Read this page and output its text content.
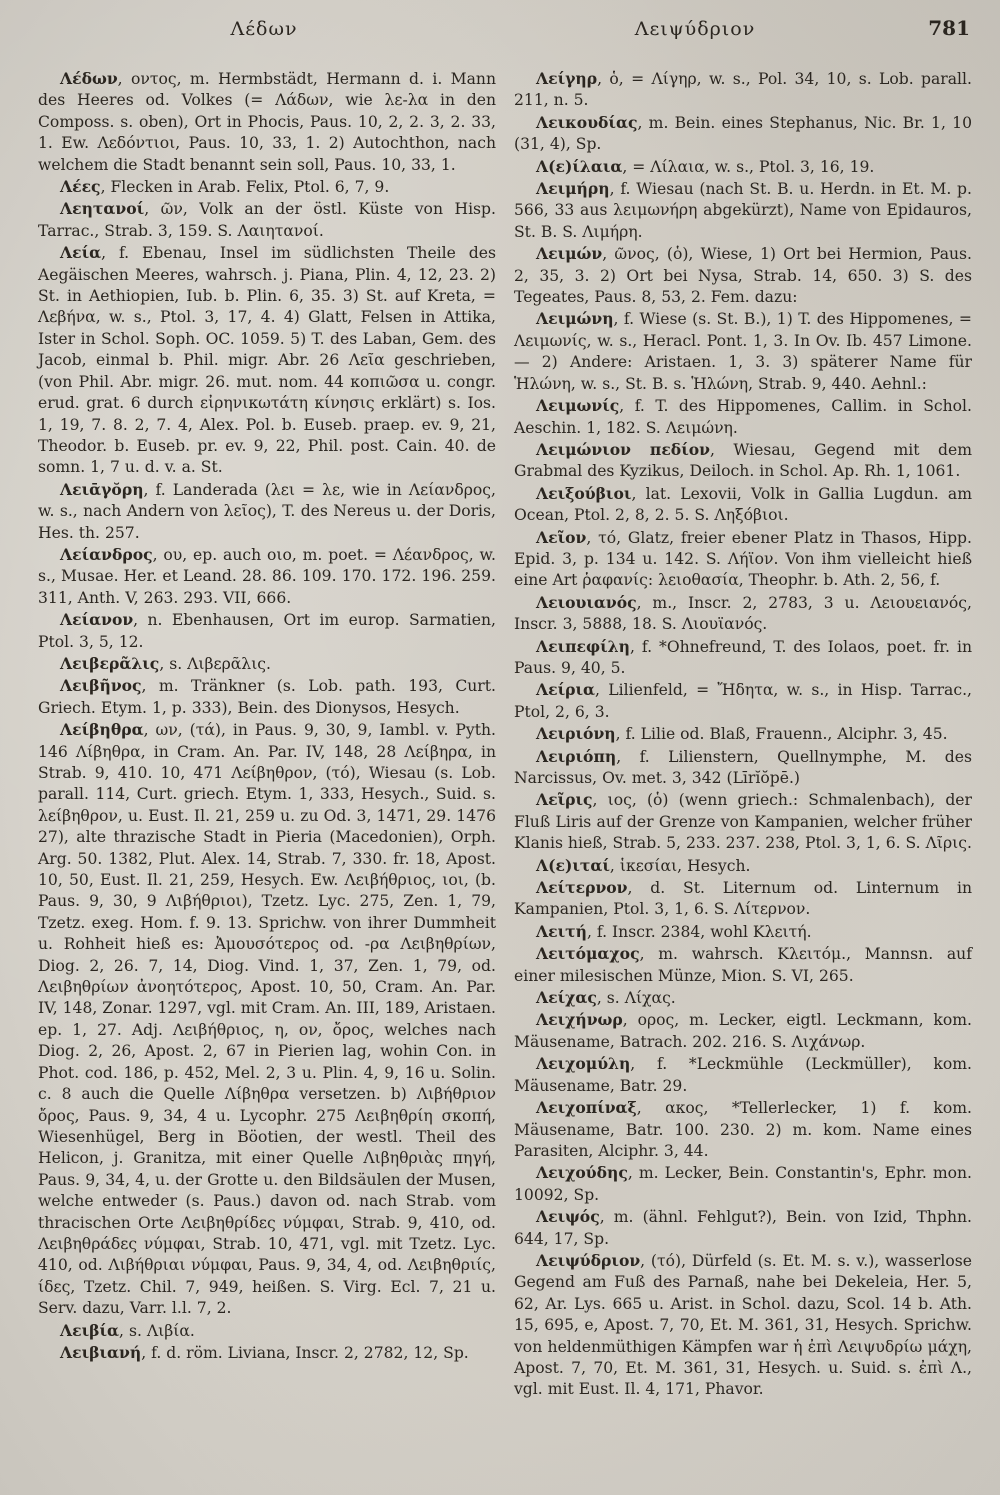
Λέδων	Λειψύδριον	781

Λέδων, οντος, m. Hermbstädt, Hermann d. i. Mann des Heeres od. Volkes (= Λάδων, wie λε-λα in den Composs. s. oben), Ort in Phocis, Paus. 10, 2, 2. 3, 2. 33, 1. Ew. Λεδόντιοι, Paus. 10, 33, 1. 2) Autochthon, nach welchem die Stadt benannt sein soll, Paus. 10, 33, 1.

Λέες, Flecken in Arab. Felix, Ptol. 6, 7, 9.

Λεητανοί, ῶν, Volk an der östl. Küste von Hisp. Tarrac., Strab. 3, 159. S. Λαιητανοί.

Λεία, f. Ebenau, Insel im südlichsten Theile des Aegäischen Meeres, wahrsch. j. Piana, Plin. 4, 12, 23. 2) St. in Aethiopien, Iub. b. Plin. 6, 35. 3) St. auf Kreta, = Λεβήνα, w. s., Ptol. 3, 17, 4. 4) Glatt, Felsen in Attika, Ister in Schol. Soph. OC. 1059. 5) T. des Laban, Gem. des Jacob, einmal b. Phil. migr. Abr. 26 Λεῖα geschrieben, (von Phil. Abr. migr. 26. mut. nom. 44 κοπιῶσα u. congr. erud. grat. 6 durch εἰρηνικωτάτη κίνησις erklärt) s. Ios. 1, 19, 7. 8. 2, 7. 4, Alex. Pol. b. Euseb. praep. ev. 9, 21, Theodor. b. Euseb. pr. ev. 9, 22, Phil. post. Cain. 40. de somn. 1, 7 u. d. v. a. St.

Λειᾱγŏρη, f. Landerada (λει = λε, wie in Λείανδρος, w. s., nach Andern von λεῖος), T. des Nereus u. der Doris, Hes. th. 257.

Λείανδρος, ου, ep. auch οιο, m. poet. = Λέανδρος, w. s., Musae. Her. et Leand. 28. 86. 109. 170. 172. 196. 259. 311, Anth. V, 263. 293. VII, 666.

Λείανον, n. Ebenhausen, Ort im europ. Sarmatien, Ptol. 3, 5, 12.

Λειβερᾶλις, s. Λιβερᾶλις.

Λειβῆνος, m. Tränkner (s. Lob. path. 193, Curt. Griech. Etym. 1, p. 333), Bein. des Dionysos, Hesych.

Λείβηθρα, ων, (τά), in Paus. 9, 30, 9, Iambl. v. Pyth. 146 Λίβηθρα, in Cram. An. Par. IV, 148, 28 Λείβηρα, in Strab. 9, 410. 10, 471 Λείβηθρον, (τό), Wiesau (s. Lob. parall. 114, Curt. griech. Etym. 1, 333, Hesych., Suid. s. λείβηθρον, u. Eust. Il. 21, 259 u. zu Od. 3, 1471, 29. 1476 27), alte thrazische Stadt in Pieria (Macedonien), Orph. Arg. 50. 1382, Plut. Alex. 14, Strab. 7, 330. fr. 18, Apost. 10, 50, Eust. Il. 21, 259, Hesych. Ew. Λειβήθριος, ιοι, (b. Paus. 9, 30, 9 Λιβήθριοι), Tzetz. Lyc. 275, Zen. 1, 79, Tzetz. exeg. Hom. f. 9. 13. Sprichw. von ihrer Dummheit u. Rohheit hieß es: Ἀμουσότερος od. -ρα Λειβηθρίων, Diog. 2, 26. 7, 14, Diog. Vind. 1, 37, Zen. 1, 79, od. Λειβηθρίων ἀνοητότερος, Apost. 10, 50, Cram. An. Par. IV, 148, Zonar. 1297, vgl. mit Cram. An. III, 189, Aristaen. ep. 1, 27. Adj. Λειβήθριος, η, ον, ὄρος, welches nach Diog. 2, 26, Apost. 2, 67 in Pierien lag, wohin Con. in Phot. cod. 186, p. 452, Mel. 2, 3 u. Plin. 4, 9, 16 u. Solin. c. 8 auch die Quelle Λίβηθρα versetzen. b) Λιβήθριον ὄρος, Paus. 9, 34, 4 u. Lycophr. 275 Λειβηθρίη σκοπή, Wiesenhügel, Berg in Böotien, der westl. Theil des Helicon, j. Granitza, mit einer Quelle Λιβηθριὰς πηγή, Paus. 9, 34, 4, u. der Grotte u. den Bildsäulen der Musen, welche entweder (s. Paus.) davon od. nach Strab. vom thracischen Orte Λειβηθρίδες νύμφαι, Strab. 9, 410, od. Λειβηθράδες νύμφαι, Strab. 10, 471, vgl. mit Tzetz. Lyc. 410, od. Λιβήθριαι νύμφαι, Paus. 9, 34, 4, od. Λειβηθριίς, ίδες, Tzetz. Chil. 7, 949, heißen. S. Virg. Ecl. 7, 21 u. Serv. dazu, Varr. l.l. 7, 2.

Λειβία, s. Λιβία.

Λειβιανή, f. d. röm. Liviana, Inscr. 2, 2782, 12, Sp.

Λείγηρ, ὁ, = Λίγηρ, w. s., Pol. 34, 10, s. Lob. parall. 211, n. 5.

Λεικουδίας, m. Bein. eines Stephanus, Nic. Br. 1, 10 (31, 4), Sp.

Λ(ε)ίλαια, = Λίλαια, w. s., Ptol. 3, 16, 19.

Λειμήρη, f. Wiesau (nach St. B. u. Herdn. in Et. M. p. 566, 33 aus λειμωνήρη abgekürzt), Name von Epidauros, St. B. S. Λιμήρη.

Λειμών, ῶνος, (ὁ), Wiese, 1) Ort bei Hermion, Paus. 2, 35, 3. 2) Ort bei Nysa, Strab. 14, 650. 3) S. des Tegeates, Paus. 8, 53, 2. Fem. dazu:

Λειμώνη, f. Wiese (s. St. B.), 1) T. des Hippomenes, = Λειμωνίς, w. s., Heracl. Pont. 1, 3. In Ov. Ib. 457 Limone. — 2) Andere: Aristaen. 1, 3. 3) späterer Name für Ἡλώνη, w. s., St. B. s. Ἡλώνη, Strab. 9, 440. Aehnl.:

Λειμωνίς, f. T. des Hippomenes, Callim. in Schol. Aeschin. 1, 182. S. Λειμώνη.

Λειμώνιον πεδίον, Wiesau, Gegend mit dem Grabmal des Kyzikus, Deiloch. in Schol. Ap. Rh. 1, 1061.

Λειξούβιοι, lat. Lexovii, Volk in Gallia Lugdun. am Ocean, Ptol. 2, 8, 2. 5. S. Ληξόβιοι.

Λεῖον, τό, Glatz, freier ebener Platz in Thasos, Hipp. Epid. 3, p. 134 u. 142. S. Λήϊον. Von ihm vielleicht hieß eine Art ῥαφανίς: λειοθασία, Theophr. b. Ath. 2, 56, f.

Λειουιανός, m., Inscr. 2, 2783, 3 u. Λειουειανός, Inscr. 3, 5888, 18. S. Λιουϊανός.

Λειπεφίλη, f. *Ohnefreund, T. des Iolaos, poet. fr. in Paus. 9, 40, 5.

Λείρια, Lilienfeld, = Ἤδητα, w. s., in Hisp. Tarrac., Ptol, 2, 6, 3.

Λειριόνη, f. Lilie od. Blaß, Frauenn., Alciphr. 3, 45.

Λειριόπη, f. Lilienstern, Quellnymphe, M. des Narcissus, Ov. met. 3, 342 (Līrĭŏpē.)

Λεῖρις, ιος, (ὁ) (wenn griech.: Schmalenbach), der Fluß Liris auf der Grenze von Kampanien, welcher früher Klanis hieß, Strab. 5, 233. 237. 238, Ptol. 3, 1, 6. S. Λῖρις.

Λ(ε)ιταί, ἱκεσίαι, Hesych.

Λείτερνον, d. St. Liternum od. Linternum in Kampanien, Ptol. 3, 1, 6. S. Λίτερνον.

Λειτή, f. Inscr. 2384, wohl Κλειτή.

Λειτόμαχος, m. wahrsch. Κλειτόμ., Mannsn. auf einer milesischen Münze, Mion. S. VI, 265.

Λείχας, s. Λίχας.

Λειχήνωρ, ορος, m. Lecker, eigtl. Leckmann, kom. Mäusename, Batrach. 202. 216. S. Λιχάνωρ.

Λειχομύλη, f. *Leckmühle (Leckmüller), kom. Mäusename, Batr. 29.

Λειχοπίναξ, ακος, *Tellerlecker, 1) f. kom. Mäusename, Batr. 100. 230. 2) m. kom. Name eines Parasiten, Alciphr. 3, 44.

Λειχούδης, m. Lecker, Bein. Constantin's, Ephr. mon. 10092, Sp.

Λειψός, m. (ähnl. Fehlgut?), Bein. von Izid, Thphn. 644, 17, Sp.

Λειψύδριον, (τό), Dürfeld (s. Et. M. s. v.), wasserlose Gegend am Fuß des Parnaß, nahe bei Dekeleia, Her. 5, 62, Ar. Lys. 665 u. Arist. in Schol. dazu, Scol. 14 b. Ath. 15, 695, e, Apost. 7, 70, Et. M. 361, 31, Hesych. Sprichw. von heldenmüthigen Kämpfen war ἡ ἐπὶ Λειψυδρίω μάχη, Apost. 7, 70, Et. M. 361, 31, Hesych. u. Suid. s. ἐπὶ Λ., vgl. mit Eust. Il. 4, 171, Phavor.
